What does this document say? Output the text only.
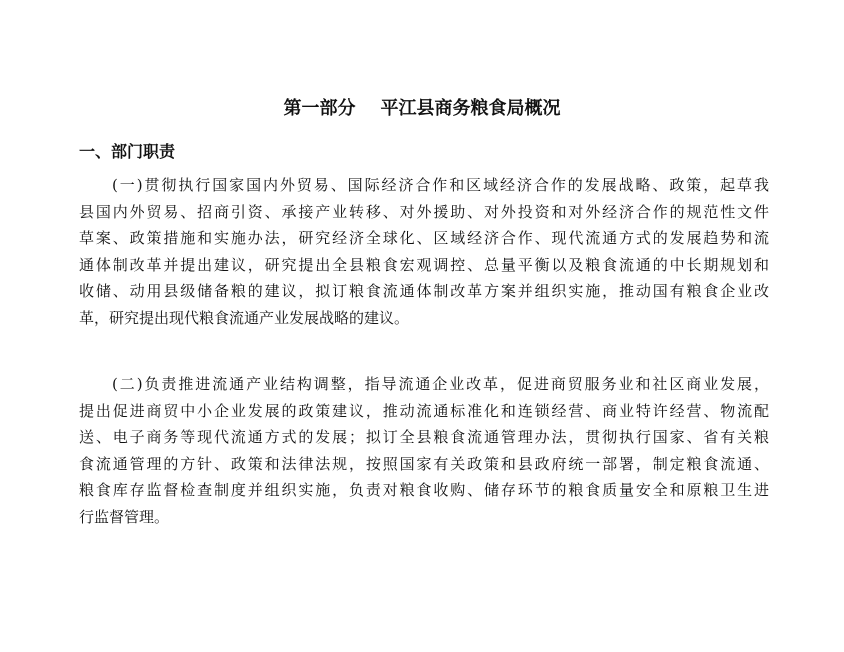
第一部分    平江县商务粮食局概况
一、部门职责
(一)贯彻执行国家国内外贸易、国际经济合作和区域经济合作的发展战略、政策，起草我
县国内外贸易、招商引资、承接产业转移、对外援助、对外投资和对外经济合作的规范性文件
草案、政策措施和实施办法，研究经济全球化、区域经济合作、现代流通方式的发展趋势和流
通体制改革并提出建议，研究提出全县粮食宏观调控、总量平衡以及粮食流通的中长期规划和
收储、动用县级储备粮的建议，拟订粮食流通体制改革方案并组织实施，推动国有粮食企业改
革，研究提出现代粮食流通产业发展战略的建议。
(二)负责推进流通产业结构调整，指导流通企业改革，促进商贸服务业和社区商业发展，
提出促进商贸中小企业发展的政策建议，推动流通标准化和连锁经营、商业特许经营、物流配
送、电子商务等现代流通方式的发展；拟订全县粮食流通管理办法，贯彻执行国家、省有关粮
食流通管理的方针、政策和法律法规，按照国家有关政策和县政府统一部署，制定粮食流通、
粮食库存监督检查制度并组织实施，负责对粮食收购、储存环节的粮食质量安全和原粮卫生进
行监督管理。
